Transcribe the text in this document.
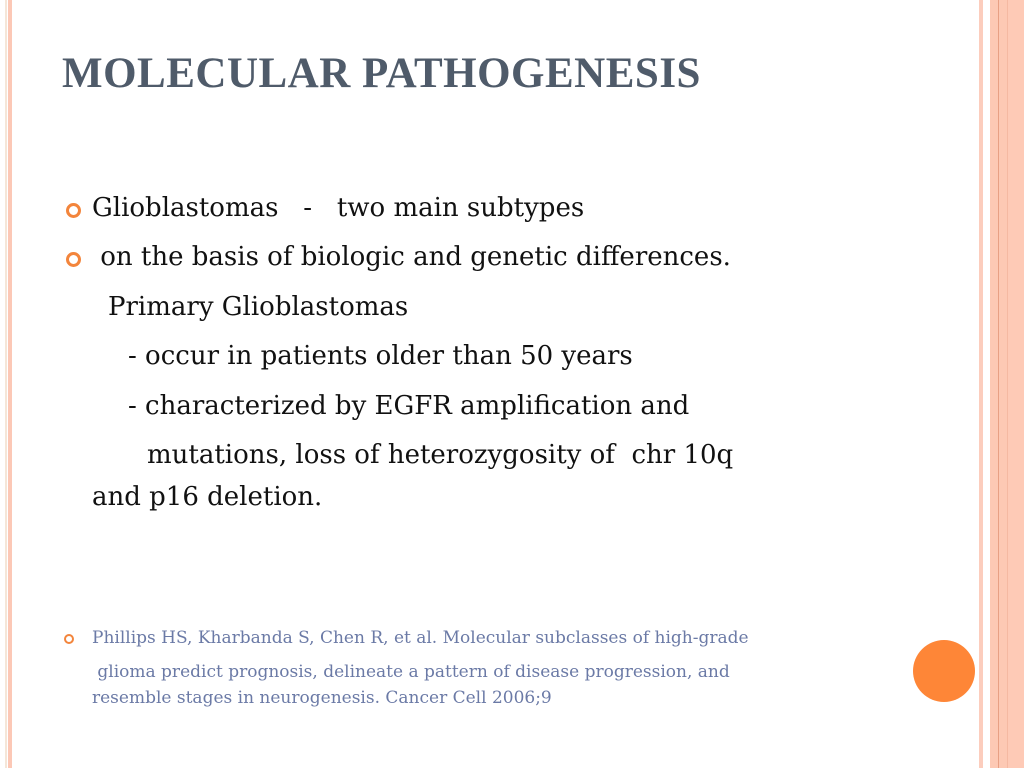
MOLECULAR PATHOGENESIS
Glioblastomas   -   two main subtypes
on the basis of biologic and genetic differences.
Primary Glioblastomas
- occur in patients older than 50 years
- characterized by EGFR amplification and
mutations, loss of heterozygosity of  chr 10q
and p16 deletion.
Phillips HS, Kharbanda S, Chen R, et al. Molecular subclasses of high-grade
glioma predict prognosis, delineate a pattern of disease progression, and
resemble stages in neurogenesis. Cancer Cell 2006;9
